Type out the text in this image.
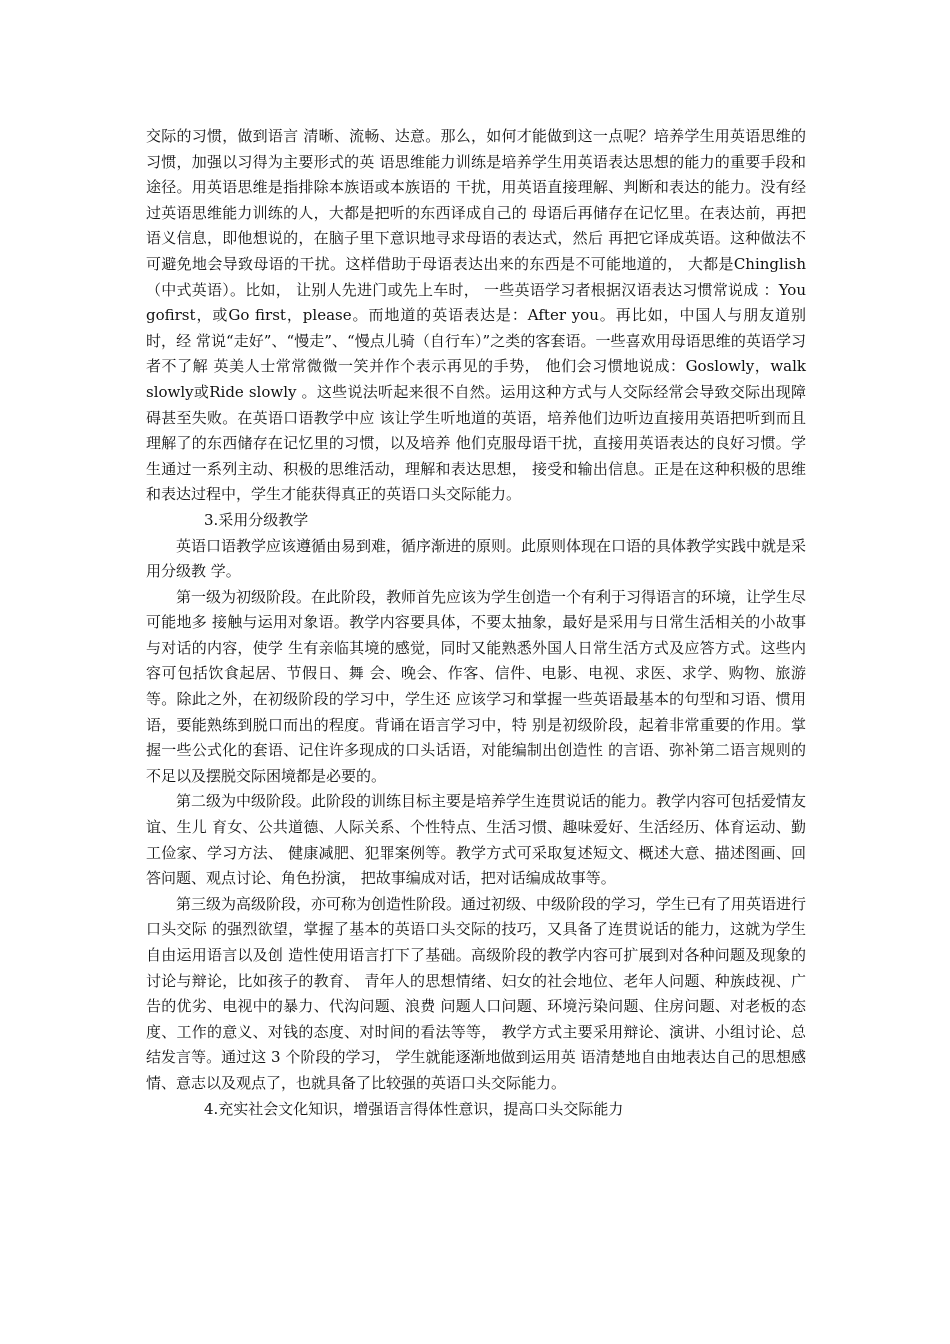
交际的习惯，做到语言 清晰、流畅、达意。那么，如何才能做到这一点呢？培养学生用英语思维的习惯，加强以习得为主要形式的英 语思维能力训练是培养学生用英语表达思想的能力的重要手段和途径。用英语思维是指排除本族语或本族语的 干扰，用英语直接理解、判断和表达的能力。没有经过英语思维能力训练的人，大都是把听的东西译成自己的 母语后再储存在记忆里。在表达前，再把语义信息，即他想说的，在脑子里下意识地寻求母语的表达式，然后 再把它译成英语。这种做法不可避免地会导致母语的干扰。这样借助于母语表达出来的东西是不可能地道的， 大都是Chinglish（中式英语）。比如， 让别人先进门或先上车时， 一些英语学习者根据汉语表达习惯常说成 ：You gofirst，或Go first，please。而地道的英语表达是：After you。再比如，中国人与朋友道别时，经 常说“走好”、“慢走”、“慢点儿骑（自行车）”之类的客套语。一些喜欢用母语思维的英语学习者不了解 英美人士常常微微一笑并作个表示再见的手势， 他们会习惯地说成：Goslowly，walk slowly或Ride slowly 。这些说法听起来很不自然。运用这种方式与人交际经常会导致交际出现障碍甚至失败。在英语口语教学中应 该让学生听地道的英语，培养他们边听边直接用英语把听到而且理解了的东西储存在记忆里的习惯，以及培养 他们克服母语干扰，直接用英语表达的良好习惯。学生通过一系列主动、积极的思维活动，理解和表达思想， 接受和输出信息。正是在这种积极的思维和表达过程中，学生才能获得真正的英语口头交际能力。

3.采用分级教学

英语口语教学应该遵循由易到难，循序渐进的原则。此原则体现在口语的具体教学实践中就是采用分级教 学。

第一级为初级阶段。在此阶段，教师首先应该为学生创造一个有利于习得语言的环境，让学生尽可能地多 接触与运用对象语。教学内容要具体，不要太抽象，最好是采用与日常生活相关的小故事与对话的内容，使学 生有亲临其境的感觉，同时又能熟悉外国人日常生活方式及应答方式。这些内容可包括饮食起居、节假日、舞 会、晚会、作客、信件、电影、电视、求医、求学、购物、旅游等。除此之外，在初级阶段的学习中，学生还 应该学习和掌握一些英语最基本的句型和习语、惯用语，要能熟练到脱口而出的程度。背诵在语言学习中，特 别是初级阶段，起着非常重要的作用。掌握一些公式化的套语、记住许多现成的口头话语，对能编制出创造性 的言语、弥补第二语言规则的不足以及摆脱交际困境都是必要的。

第二级为中级阶段。此阶段的训练目标主要是培养学生连贯说话的能力。教学内容可包括爱情友谊、生儿 育女、公共道德、人际关系、个性特点、生活习惯、趣味爱好、生活经历、体育运动、勤工俭家、学习方法、 健康减肥、犯罪案例等。教学方式可采取复述短文、概述大意、描述图画、回答问题、观点讨论、角色扮演， 把故事编成对话，把对话编成故事等。

第三级为高级阶段，亦可称为创造性阶段。通过初级、中级阶段的学习，学生已有了用英语进行口头交际 的强烈欲望，掌握了基本的英语口头交际的技巧，又具备了连贯说话的能力，这就为学生自由运用语言以及创 造性使用语言打下了基础。高级阶段的教学内容可扩展到对各种问题及现象的讨论与辩论，比如孩子的教育、 青年人的思想情绪、妇女的社会地位、老年人问题、种族歧视、广告的优劣、电视中的暴力、代沟问题、浪费 问题人口问题、环境污染问题、住房问题、对老板的态度、工作的意义、对钱的态度、对时间的看法等等， 教学方式主要采用辩论、演讲、小组讨论、总结发言等。通过这 3 个阶段的学习， 学生就能逐渐地做到运用英 语清楚地自由地表达自己的思想感情、意志以及观点了，也就具备了比较强的英语口头交际能力。

4.充实社会文化知识，增强语言得体性意识，提高口头交际能力
